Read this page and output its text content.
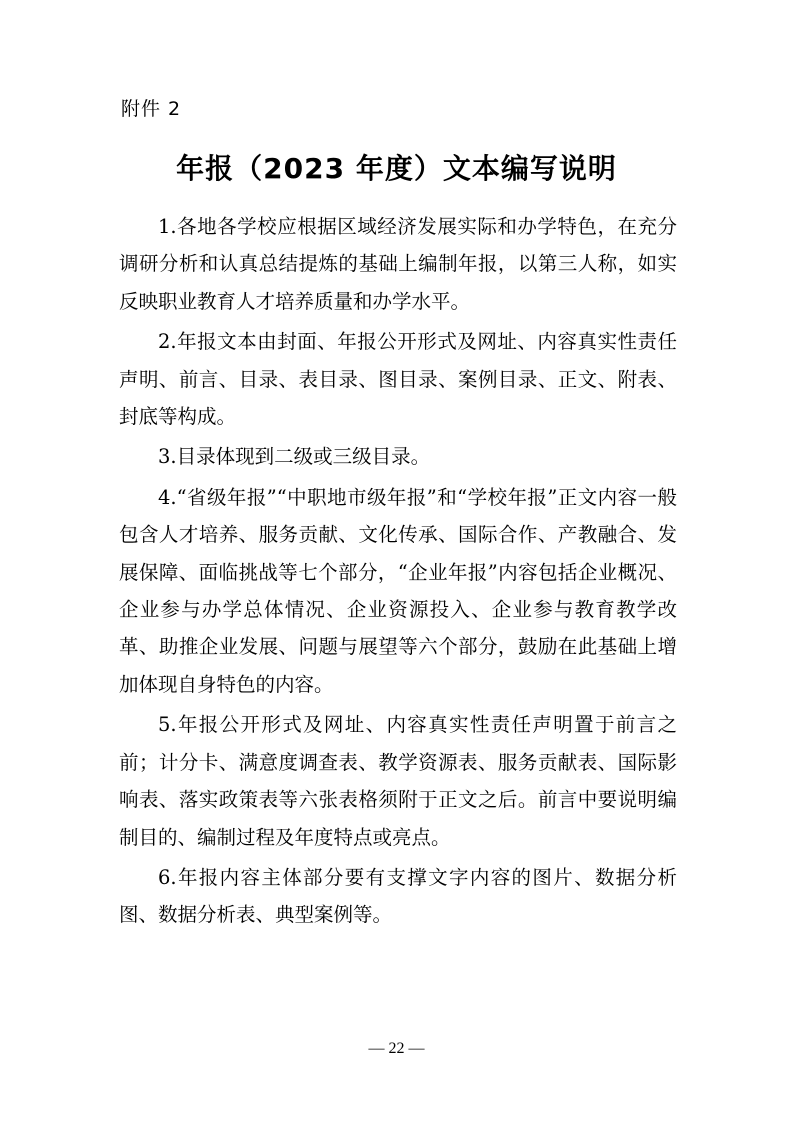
附件 2
年报（2023 年度）文本编写说明

1.各地各学校应根据区域经济发展实际和办学特色，在充分调研分析和认真总结提炼的基础上编制年报，以第三人称，如实反映职业教育人才培养质量和办学水平。

2.年报文本由封面、年报公开形式及网址、内容真实性责任声明、前言、目录、表目录、图目录、案例目录、正文、附表、封底等构成。

3.目录体现到二级或三级目录。

4.“省级年报”“中职地市级年报”和“学校年报”正文内容一般包含人才培养、服务贡献、文化传承、国际合作、产教融合、发展保障、面临挑战等七个部分，“企业年报”内容包括企业概况、企业参与办学总体情况、企业资源投入、企业参与教育教学改革、助推企业发展、问题与展望等六个部分，鼓励在此基础上增加体现自身特色的内容。

5.年报公开形式及网址、内容真实性责任声明置于前言之前；计分卡、满意度调查表、教学资源表、服务贡献表、国际影响表、落实政策表等六张表格须附于正文之后。前言中要说明编制目的、编制过程及年度特点或亮点。

6.年报内容主体部分要有支撑文字内容的图片、数据分析图、数据分析表、典型案例等。

— 22 —
